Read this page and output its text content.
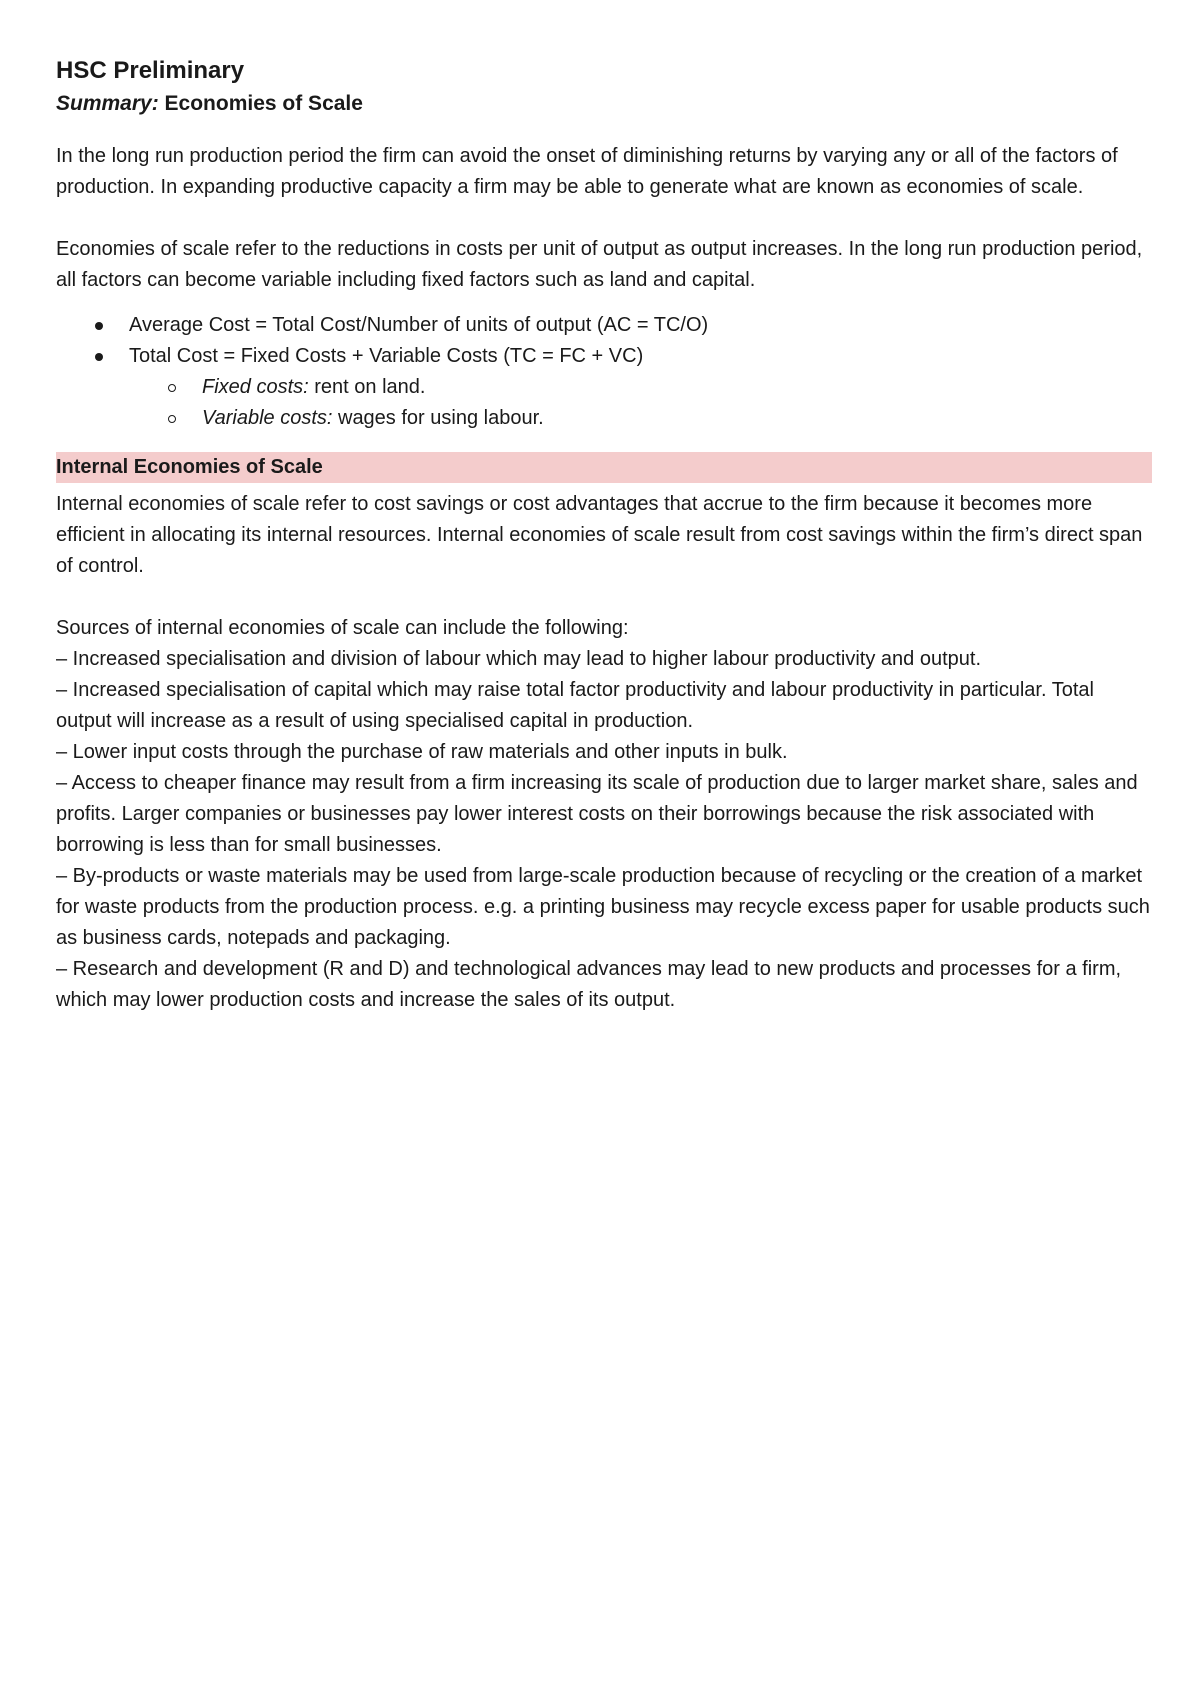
HSC Preliminary
Summary: Economies of Scale

In the long run production period the firm can avoid the onset of diminishing returns by varying any or all of the factors of production. In expanding productive capacity a firm may be able to generate what are known as economies of scale.

Economies of scale refer to the reductions in costs per unit of output as output increases. In the long run production period, all factors can become variable including fixed factors such as land and capital.

Average Cost = Total Cost/Number of units of output (AC = TC/O)
Total Cost = Fixed Costs + Variable Costs (TC = FC + VC)
Fixed costs: rent on land.
Variable costs: wages for using labour.
Internal Economies of Scale

Internal economies of scale refer to cost savings or cost advantages that accrue to the firm because it becomes more efficient in allocating its internal resources. Internal economies of scale result from cost savings within the firm’s direct span of control.

Sources of internal economies of scale can include the following:

– Increased specialisation and division of labour which may lead to higher labour productivity and output.

– Increased specialisation of capital which may raise total factor productivity and labour productivity in particular. Total output will increase as a result of using specialised capital in production.

– Lower input costs through the purchase of raw materials and other inputs in bulk.

– Access to cheaper finance may result from a firm increasing its scale of production due to larger market share, sales and profits. Larger companies or businesses pay lower interest costs on their borrowings because the risk associated with borrowing is less than for small businesses.

– By-products or waste materials may be used from large-scale production because of recycling or the creation of a market for waste products from the production process. e.g. a printing business may recycle excess paper for usable products such as business cards, notepads and packaging.

– Research and development (R and D) and technological advances may lead to new products and processes for a firm, which may lower production costs and increase the sales of its output.
